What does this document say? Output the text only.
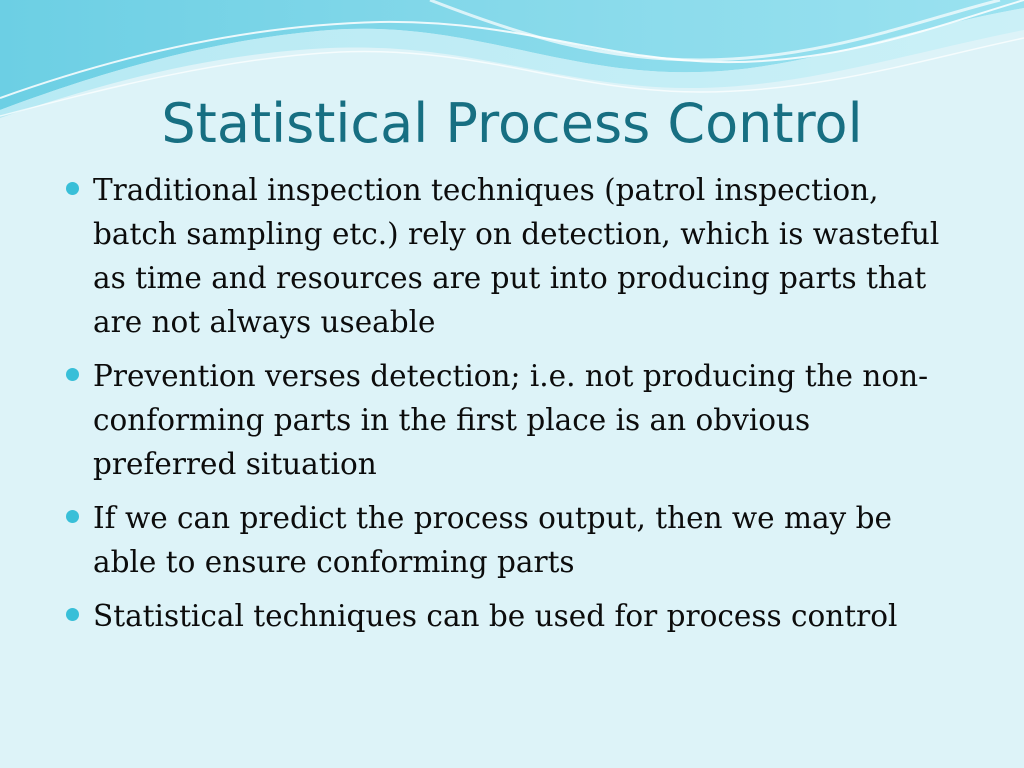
Statistical Process Control
Traditional inspection techniques (patrol inspection, batch sampling etc.) rely on detection, which is wasteful as time and resources are put into producing parts that are not always useable
Prevention verses detection; i.e. not producing the non-conforming parts in the first place is an obvious preferred situation
If we can predict the process output, then we may be able to ensure conforming parts
Statistical techniques can be used for process control
